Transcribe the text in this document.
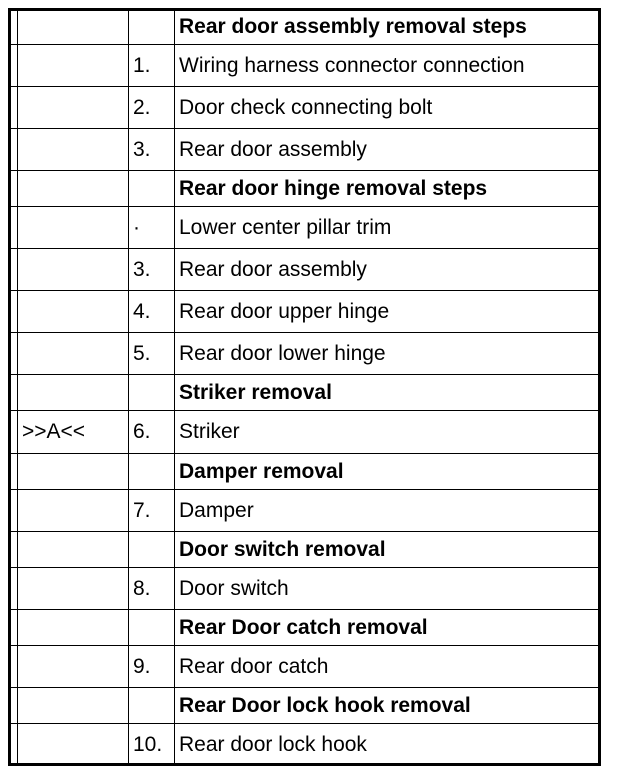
			Rear door assembly removal steps
		1.	Wiring harness connector connection
		2.	Door check connecting bolt
		3.	Rear door assembly
			Rear door hinge removal steps
		·	Lower center pillar trim
		3.	Rear door assembly
		4.	Rear door upper hinge
		5.	Rear door lower hinge
			Striker removal
	>>A<<	6.	Striker
			Damper removal
		7.	Damper
			Door switch removal
		8.	Door switch
			Rear Door catch removal
		9.	Rear door catch
			Rear Door lock hook removal
		10.	Rear door lock hook
